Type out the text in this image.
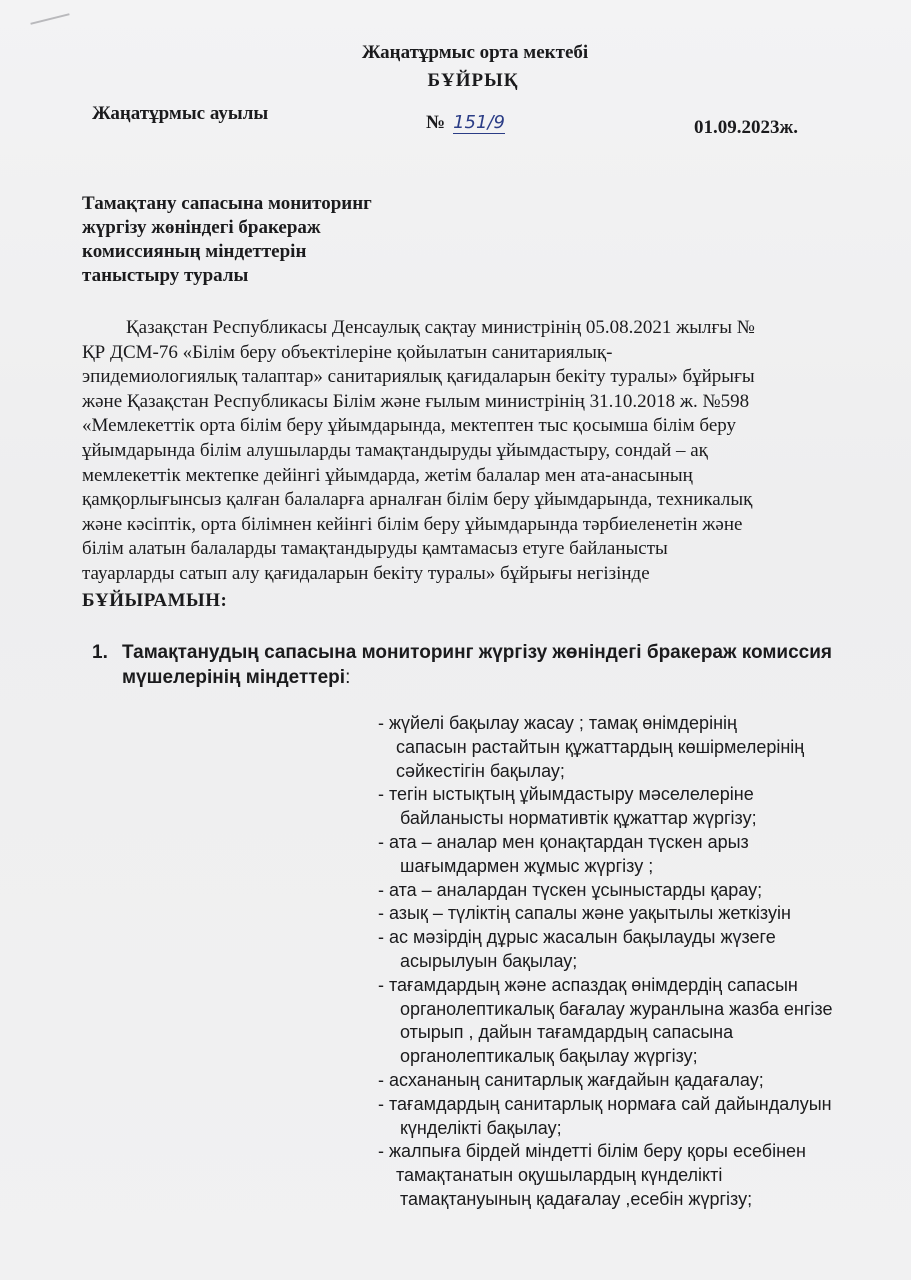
Жаңатұрмыс орта мектебі
БҰЙРЫҚ
Жаңатұрмыс ауылы	№ 151/9	01.09.2023ж.
Тамақтану сапасына мониторинг
жүргізу жөніндегі бракераж
комиссияның міндеттерін
таныстыру туралы
Қазақстан Республикасы Денсаулық сақтау министрінің 05.08.2021 жылғы №
ҚР ДСМ-76 «Білім беру объектілеріне қойылатын санитариялық-
эпидемиологиялық талаптар» санитариялық қағидаларын бекіту туралы» бұйрығы
және Қазақстан Республикасы Білім және ғылым министрінің 31.10.2018 ж. №598
«Мемлекеттік орта білім беру ұйымдарында, мектептен тыс қосымша білім беру
ұйымдарында білім алушыларды тамақтандыруды ұйымдастыру, сондай – ақ
мемлекеттік мектепке дейінгі ұйымдарда, жетім балалар мен ата-анасының
қамқорлығынсыз қалған балаларға арналған білім беру ұйымдарында, техникалық
және кәсіптік, орта білімнен кейінгі білім беру ұйымдарында тәрбиеленетін және
білім алатын балаларды тамақтандыруды қамтамасыз етуге байланысты
тауарларды сатып алу қағидаларын бекіту туралы» бұйрығы негізінде
БҰЙЫРАМЫН:
1. Тамақтанудың сапасына мониторинг жүргізу жөніндегі бракераж комиссия
мүшелерінің міндеттері:
- жүйелі бақылау жасау ; тамақ өнімдерінің
сапасын растайтын құжаттардың көшірмелерінің
сәйкестігін бақылау;
- тегін ыстықтың ұйымдастыру мәселелеріне
байланысты нормативтік құжаттар жүргізу;
- ата – аналар мен қонақтардан түскен арыз
шағымдармен жұмыс жүргізу ;
- ата – аналардан түскен ұсыныстарды қарау;
- азық – түліктің сапалы және уақытылы жеткізуін
- ас мәзірдің дұрыс жасалын бақылауды жүзеге
асырылуын бақылау;
- тағамдардың және аспаздақ өнімдердің сапасын
органолептикалық бағалау журанлына жазба енгізе
отырып , дайын тағамдардың сапасына
органолептикалық бақылау жүргізу;
- асхананың санитарлық жағдайын қадағалау;
- тағамдардың санитарлық нормаға сай дайындалуын
күнделікті бақылау;
- жалпыға бірдей міндетті білім беру қоры есебінен
тамақтанатын оқушылардың күнделікті
тамақтануының қадағалау ,есебін жүргізу;
